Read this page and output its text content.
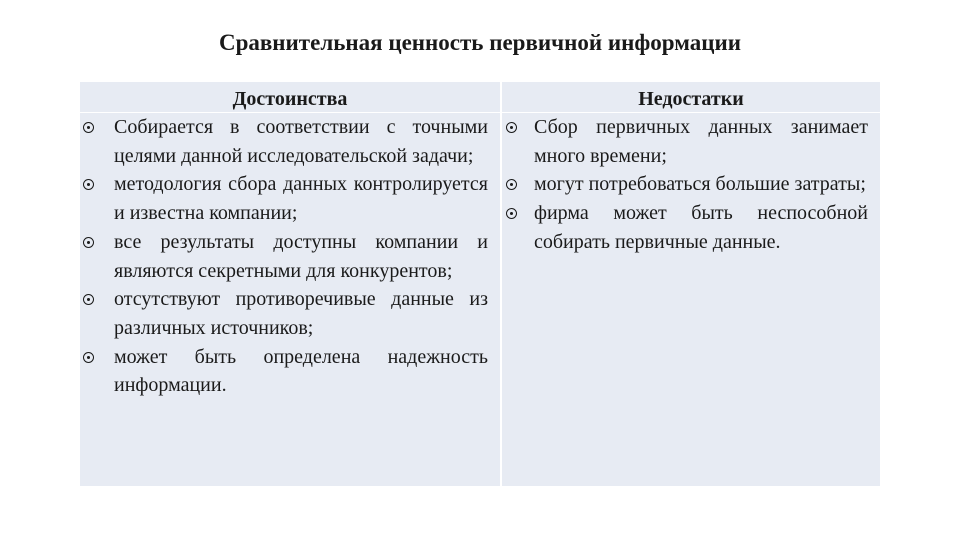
Сравнительная ценность первичной информации
Достоинства
Собирается в соответствии с точными целями данной исследовательской задачи;
методология сбора данных контролируется и известна компании;
все результаты доступны компании и являются секретными для конкурентов;
отсутствуют противоречивые данные из различных источников;
может быть определена надежность информации.
Недостатки
Сбор первичных данных занимает много времени;
могут потребоваться большие затраты;
фирма может быть неспособной собирать первичные данные.
